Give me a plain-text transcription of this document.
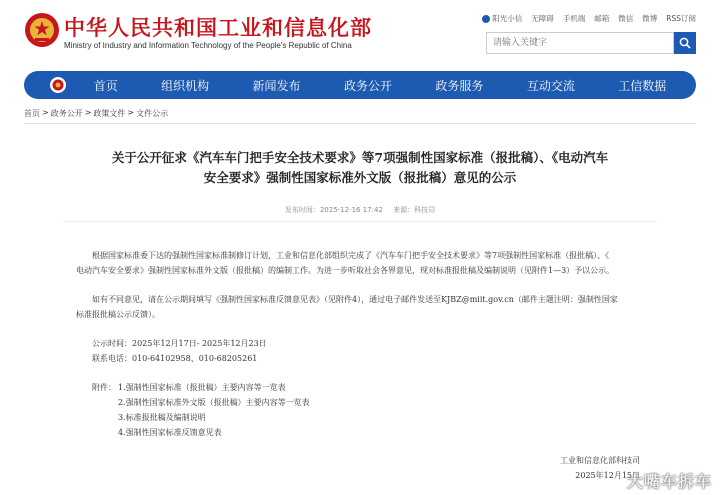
中华人民共和国工业和信息化部
Ministry of Industry and Information Technology of the People's Republic of China
阳光小信 无障碍 手机端 邮箱 微信 微博 RSS订阅
请输入关键字
首页	组织机构	新闻发布	政务公开	政务服务	互动交流	工信数据
首页 > 政务公开 > 政策文件 > 文件公示
关于公开征求《汽车车门把手安全技术要求》等7项强制性国家标准（报批稿）、《电动汽车
安全要求》强制性国家标准外文版（报批稿）意见的公示
发布时间：2025-12-16 17:42 来源：科技司
根据国家标准委下达的强制性国家标准制修订计划，工业和信息化部组织完成了《汽车车门把手安全技术要求》等7项强制性国家标准（报批稿）、《
电动汽车安全要求》强制性国家标准外文版（报批稿）的编制工作。为进一步听取社会各界意见，现对标准报批稿及编制说明（见附件1—3）予以公示。
如有不同意见，请在公示期间填写《强制性国家标准反馈意见表》（见附件4），通过电子邮件发送至KJBZ@miit.gov.cn（邮件主题注明：强制性国家
标准报批稿公示反馈）。
公示时间：2025年12月17日- 2025年12月23日
联系电话：010-64102958、010-68205261
附件： 1.强制性国家标准（报批稿）主要内容等一览表
2.强制性国家标准外文版（报批稿）主要内容等一览表
3.标准报批稿及编制说明
4.强制性国家标准反馈意见表
工业和信息化部科技司
2025年12月15日
大嘴车拆车
